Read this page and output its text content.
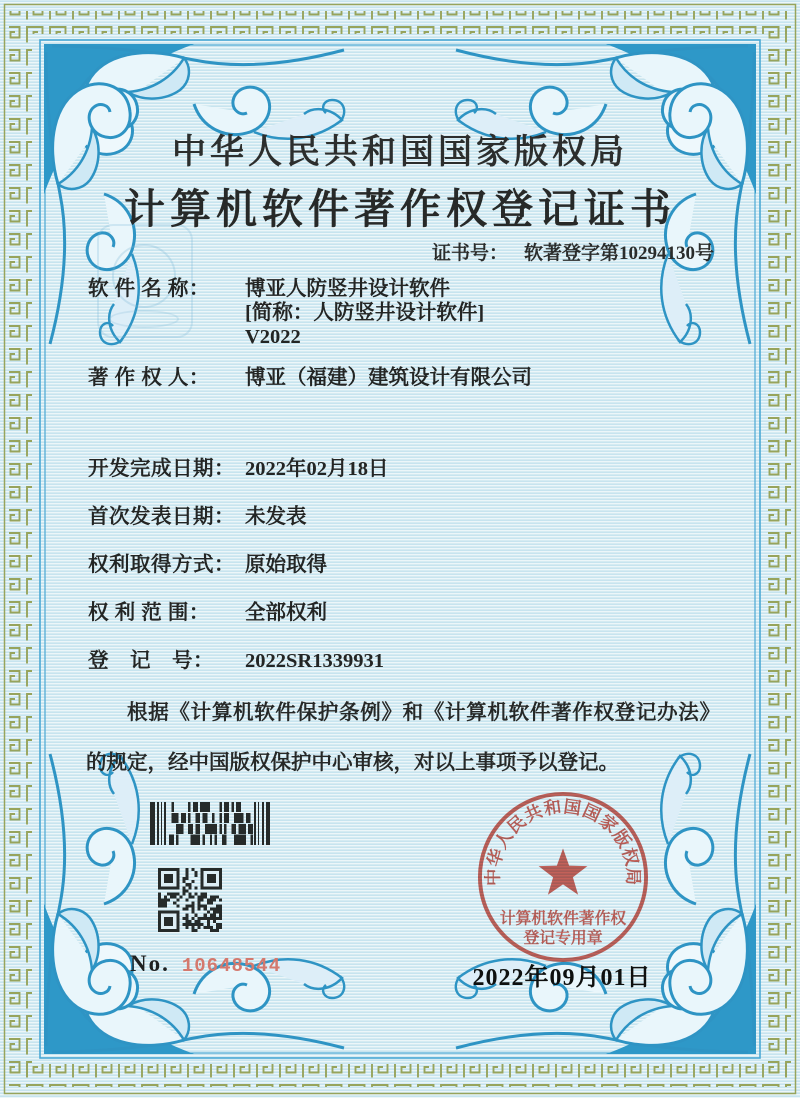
中华人民共和国国家版权局
计算机软件著作权登记证书
证书号： 软著登字第10294130号
软 件 名 称： 博亚人防竖井设计软件
[简称：人防竖井设计软件]
V2022
著 作 权 人： 博亚（福建）建筑设计有限公司
开发完成日期： 2022年02月18日
首次发表日期： 未发表
权利取得方式： 原始取得
权 利 范 围： 全部权利
登　记　号： 2022SR1339931

根据《计算机软件保护条例》和《计算机软件著作权登记办法》的规定，经中国版权保护中心审核，对以上事项予以登记。

No. 10648544	2022年09月01日
中华人民共和国国家版权局
计算机软件著作权
登记专用章
